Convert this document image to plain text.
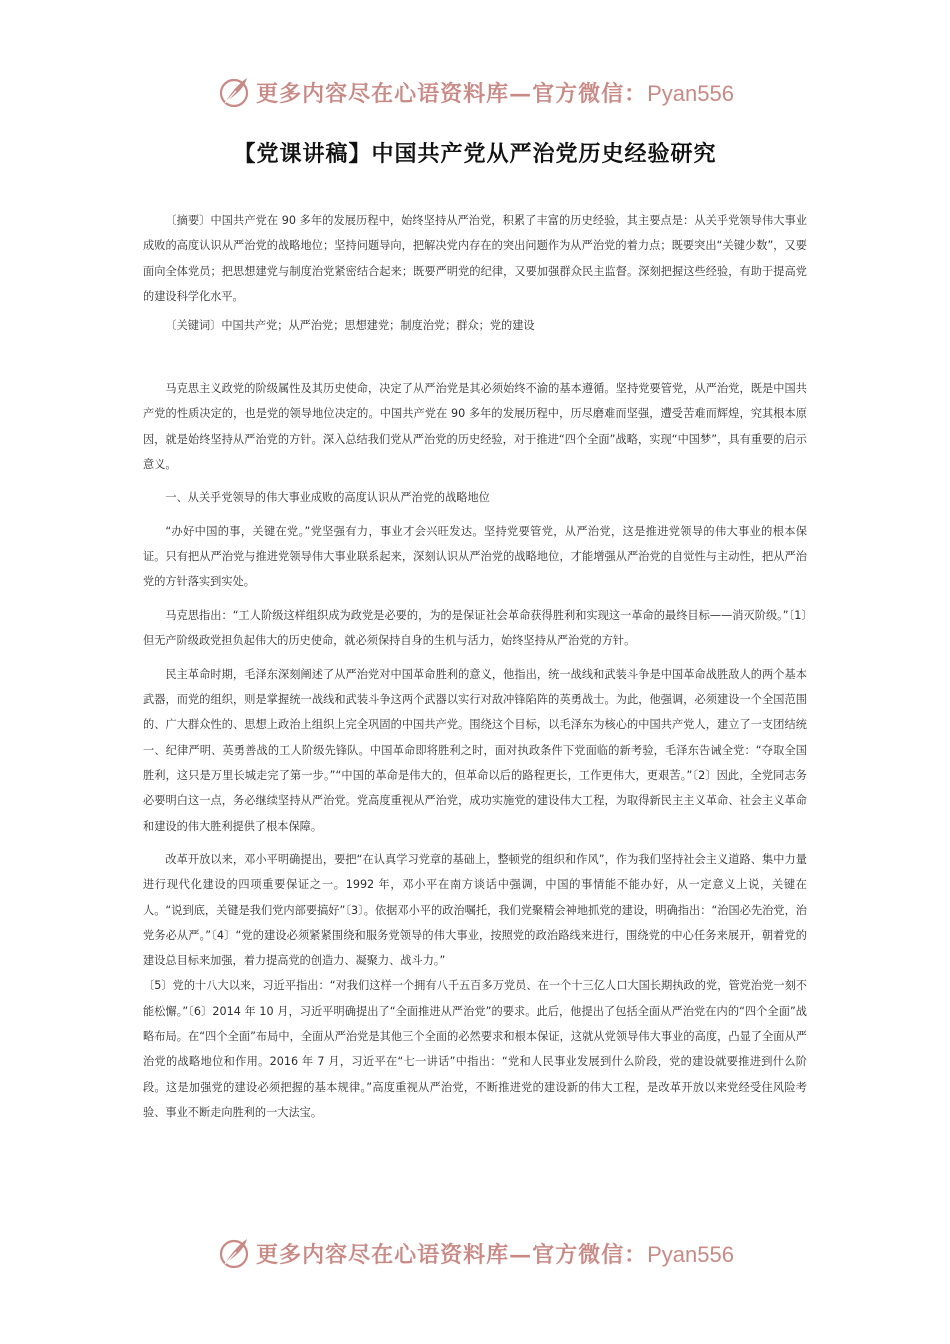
更多内容尽在心语资料库—官方微信：Pyan556
【党课讲稿】中国共产党从严治党历史经验研究

〔摘要〕中国共产党在 90 多年的发展历程中，始终坚持从严治党，积累了丰富的历史经验，其主要点是：从关乎党领导伟大事业成败的高度认识从严治党的战略地位；坚持问题导向，把解决党内存在的突出问题作为从严治党的着力点；既要突出“关键少数”，又要面向全体党员；把思想建党与制度治党紧密结合起来；既要严明党的纪律，又要加强群众民主监督。深刻把握这些经验，有助于提高党的建设科学化水平。

〔关键词〕中国共产党；从严治党；思想建党；制度治党；群众；党的建设

马克思主义政党的阶级属性及其历史使命，决定了从严治党是其必须始终不渝的基本遵循。坚持党要管党，从严治党，既是中国共产党的性质决定的，也是党的领导地位决定的。中国共产党在 90 多年的发展历程中，历尽磨难而坚强，遭受苦难而辉煌，究其根本原因，就是始终坚持从严治党的方针。深入总结我们党从严治党的历史经验，对于推进“四个全面”战略，实现“中国梦”，具有重要的启示意义。

一、从关乎党领导的伟大事业成败的高度认识从严治党的战略地位

“办好中国的事，关键在党。”党坚强有力，事业才会兴旺发达。坚持党要管党，从严治党，这是推进党领导的伟大事业的根本保证。只有把从严治党与推进党领导伟大事业联系起来，深刻认识从严治党的战略地位，才能增强从严治党的自觉性与主动性，把从严治党的方针落实到实处。

马克思指出：“工人阶级这样组织成为政党是必要的，为的是保证社会革命获得胜利和实现这一革命的最终目标——消灭阶级。”〔1〕但无产阶级政党担负起伟大的历史使命，就必须保持自身的生机与活力，始终坚持从严治党的方针。

民主革命时期，毛泽东深刻阐述了从严治党对中国革命胜利的意义，他指出，统一战线和武装斗争是中国革命战胜敌人的两个基本武器，而党的组织，则是掌握统一战线和武装斗争这两个武器以实行对敌冲锋陷阵的英勇战士。为此，他强调，必须建设一个全国范围的、广大群众性的、思想上政治上组织上完全巩固的中国共产党。围绕这个目标，以毛泽东为核心的中国共产党人，建立了一支团结统一、纪律严明、英勇善战的工人阶级先锋队。中国革命即将胜利之时，面对执政条件下党面临的新考验，毛泽东告诫全党：“夺取全国胜利，这只是万里长城走完了第一步。”“中国的革命是伟大的，但革命以后的路程更长，工作更伟大，更艰苦。”〔2〕因此，全党同志务必要明白这一点，务必继续坚持从严治党。党高度重视从严治党，成功实施党的建设伟大工程，为取得新民主主义革命、社会主义革命和建设的伟大胜利提供了根本保障。

改革开放以来，邓小平明确提出，要把“在认真学习党章的基础上，整顿党的组织和作风”，作为我们坚持社会主义道路、集中力量进行现代化建设的四项重要保证之一。1992 年，邓小平在南方谈话中强调，中国的事情能不能办好，从一定意义上说，关键在人。“说到底，关键是我们党内部要搞好”〔3〕。依据邓小平的政治嘱托，我们党聚精会神地抓党的建设，明确指出：“治国必先治党，治党务必从严。”〔4〕“党的建设必须紧紧围绕和服务党领导的伟大事业，按照党的政治路线来进行，围绕党的中心任务来展开，朝着党的建设总目标来加强，着力提高党的创造力、凝聚力、战斗力。”

〔5〕党的十八大以来，习近平指出：“对我们这样一个拥有八千五百多万党员、在一个十三亿人口大国长期执政的党，管党治党一刻不能松懈。”〔6〕2014 年 10 月，习近平明确提出了“全面推进从严治党”的要求。此后，他提出了包括全面从严治党在内的“四个全面”战略布局。在“四个全面”布局中，全面从严治党是其他三个全面的必然要求和根本保证，这就从党领导伟大事业的高度，凸显了全面从严治党的战略地位和作用。2016 年 7 月，习近平在“七一讲话”中指出：“党和人民事业发展到什么阶段，党的建设就要推进到什么阶段。这是加强党的建设必须把握的基本规律。”高度重视从严治党，不断推进党的建设新的伟大工程，是改革开放以来党经受住风险考验、事业不断走向胜利的一大法宝。

更多内容尽在心语资料库—官方微信：Pyan556
